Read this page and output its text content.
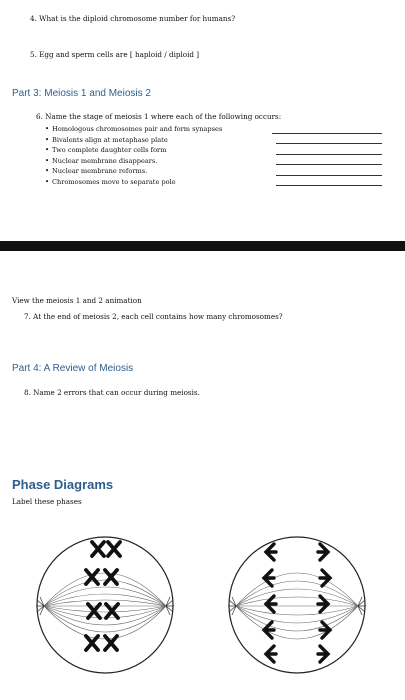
4. What is the diploid chromosome number for humans?
5. Egg and sperm cells are [ haploid / diploid ]
Part 3: Meiosis 1 and Meiosis 2
6. Name the stage of meiosis 1 where each of the following occurs:
• Homologous chromosomes pair and form synapses
• Bivalents align at metaphase plate
• Two complete daughter cells form
• Nuclear membrane disappears.
• Nuclear membrane reforms.
• Chromosomes move to separate pole
View the meiosis 1 and 2 animation
7. At the end of meiosis 2, each cell contains how many chromosomes?
Part 4: A Review of Meiosis
8. Name 2 errors that can occur during meiosis.
Phase Diagrams
Label these phases
